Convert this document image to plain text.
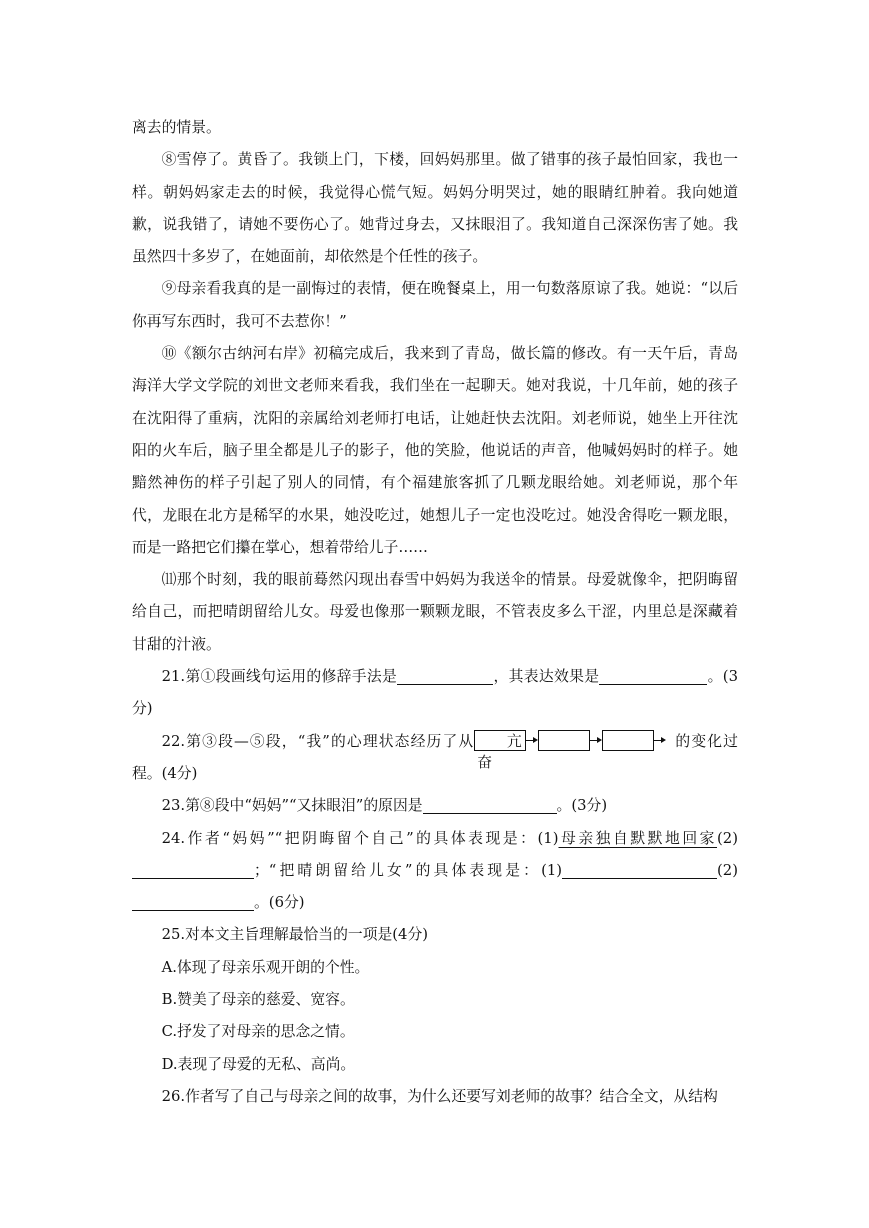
离去的情景。

⑧雪停了。黄昏了。我锁上门，下楼，回妈妈那里。做了错事的孩子最怕回家，我也一样。朝妈妈家走去的时候，我觉得心慌气短。妈妈分明哭过，她的眼睛红肿着。我向她道歉，说我错了，请她不要伤心了。她背过身去，又抹眼泪了。我知道自己深深伤害了她。我虽然四十多岁了，在她面前，却依然是个任性的孩子。

⑨母亲看我真的是一副悔过的表情，便在晚餐桌上，用一句数落原谅了我。她说：“以后你再写东西时，我可不去惹你！”

⑩《额尔古纳河右岸》初稿完成后，我来到了青岛，做长篇的修改。有一天午后，青岛海洋大学文学院的刘世文老师来看我，我们坐在一起聊天。她对我说，十几年前，她的孩子在沈阳得了重病，沈阳的亲属给刘老师打电话，让她赶快去沈阳。刘老师说，她坐上开往沈阳的火车后，脑子里全都是儿子的影子，他的笑脸，他说话的声音，他喊妈妈时的样子。她黯然神伤的样子引起了别人的同情，有个福建旅客抓了几颗龙眼给她。刘老师说，那个年代，龙眼在北方是稀罕的水果，她没吃过，她想儿子一定也没吃过。她没舍得吃一颗龙眼，而是一路把它们攥在掌心，想着带给儿子……

⑾那个时刻，我的眼前蓦然闪现出春雪中妈妈为我送伞的情景。母爱就像伞，把阴晦留给自己，而把晴朗留给儿女。母爱也像那一颗颗龙眼，不管表皮多么干涩，内里总是深藏着甘甜的汁液。

21.第①段画线句运用的修辞手法是	，其表达效果是	。(3分)

22.第③段—⑤段，“我”的心理状态经历了从 亢 奋的变化过程。(4分)

23.第⑧段中“妈妈”“又抹眼泪”的原因是	。(3分)

24.作者“妈妈”“把阴晦留个自己”的具体表现是：(1)母亲独自默默地回家(2)；“把晴朗留给儿女”的具体表现是：(1)	(2)。(6分)

25.对本文主旨理解最恰当的一项是(4分)

A.体现了母亲乐观开朗的个性。

B.赞美了母亲的慈爱、宽容。

C.抒发了对母亲的思念之情。

D.表现了母爱的无私、高尚。

26.作者写了自己与母亲之间的故事，为什么还要写刘老师的故事？结合全文，从结构
